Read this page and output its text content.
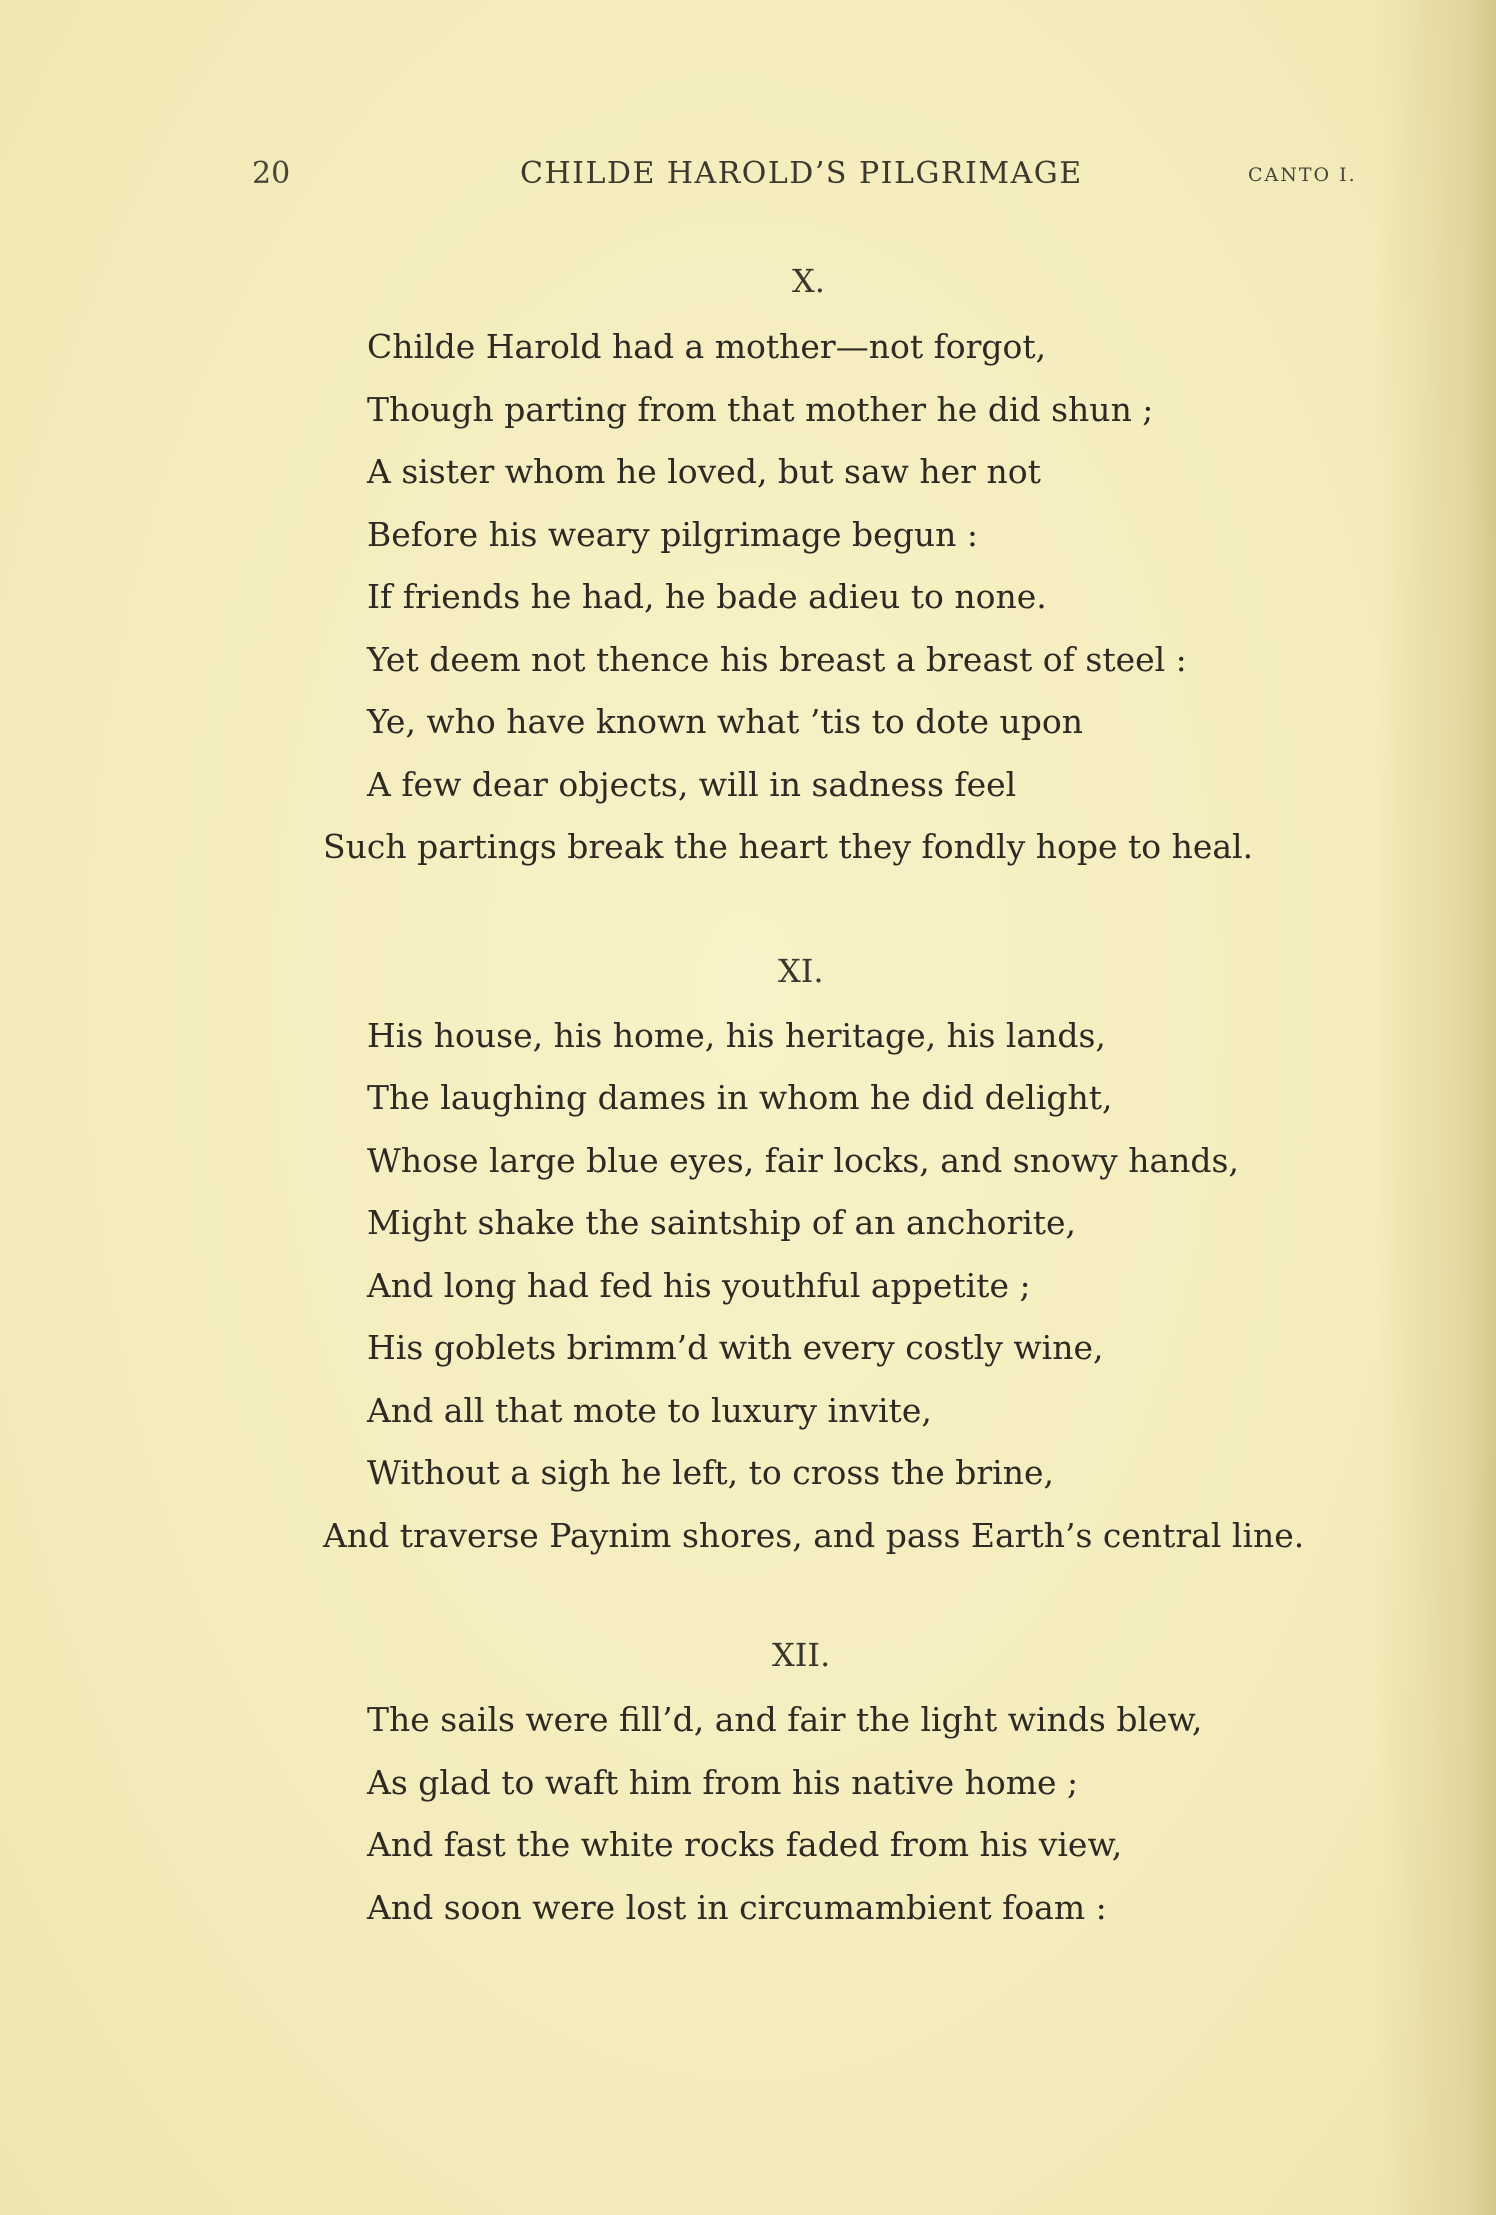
20	CHILDE HAROLD’S PILGRIMAGE	CANTO I.
X.
Childe Harold had a mother—not forgot,
Though parting from that mother he did shun ;
A sister whom he loved, but saw her not
Before his weary pilgrimage begun :
If friends he had, he bade adieu to none.
Yet deem not thence his breast a breast of steel :
Ye, who have known what ’tis to dote upon
A few dear objects, will in sadness feel
Such partings break the heart they fondly hope to heal.
XI.
His house, his home, his heritage, his lands,
The laughing dames in whom he did delight,
Whose large blue eyes, fair locks, and snowy hands,
Might shake the saintship of an anchorite,
And long had fed his youthful appetite ;
His goblets brimm’d with every costly wine,
And all that mote to luxury invite,
Without a sigh he left, to cross the brine,
And traverse Paynim shores, and pass Earth’s central line.
XII.
The sails were fill’d, and fair the light winds blew,
As glad to waft him from his native home ;
And fast the white rocks faded from his view,
And soon were lost in circumambient foam :
